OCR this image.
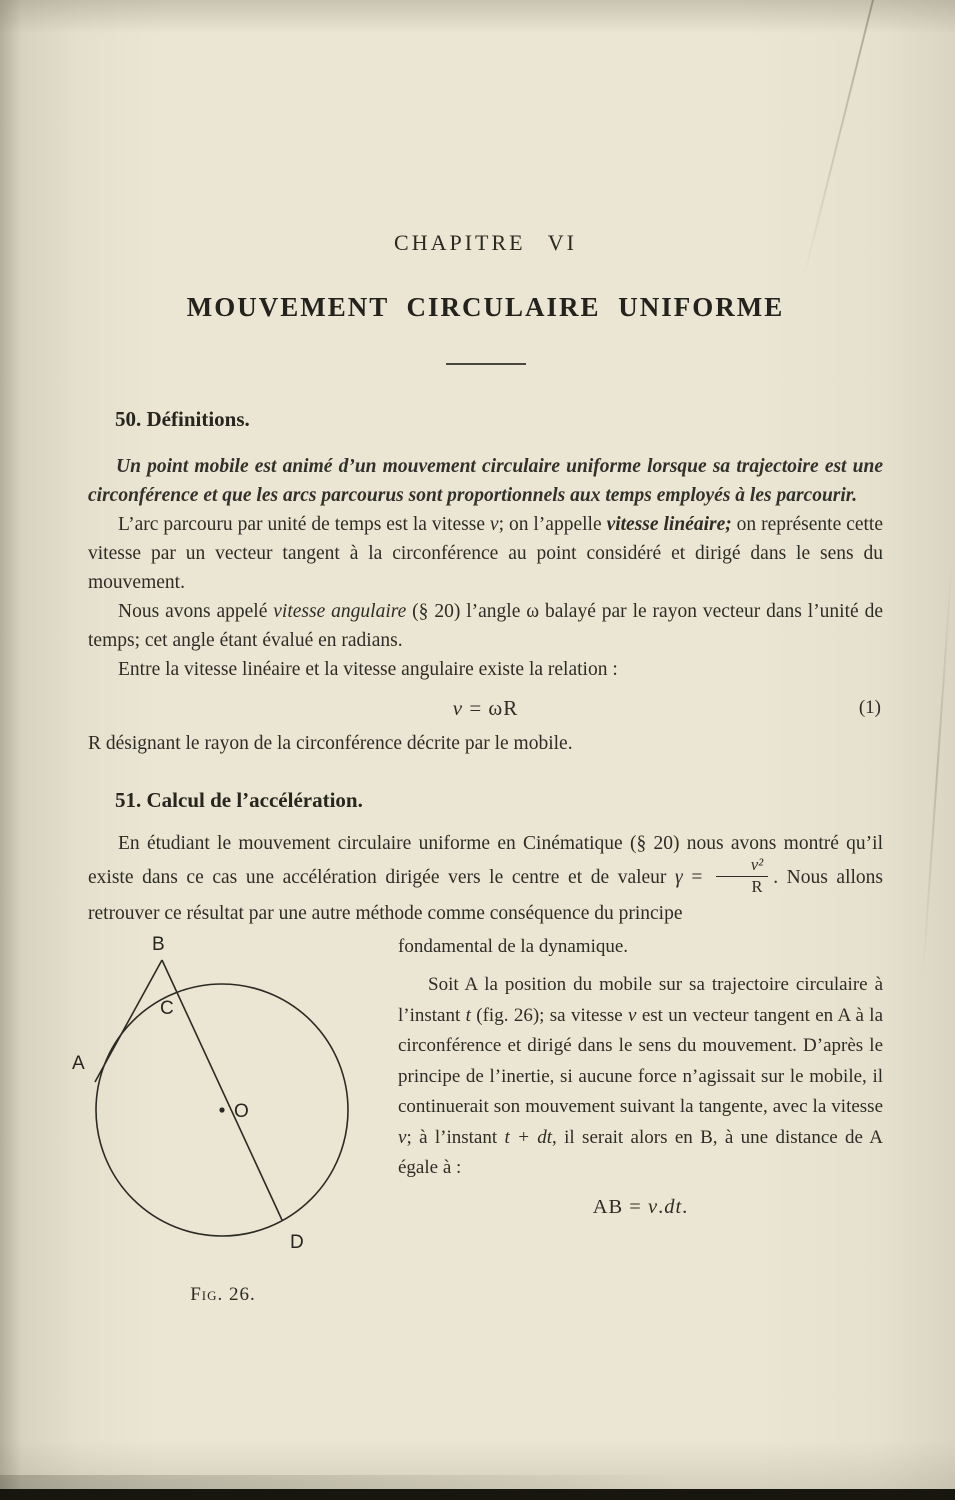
CHAPITRE VI
MOUVEMENT CIRCULAIRE UNIFORME
50. Définitions.

Un point mobile est animé d’un mouvement circulaire uniforme lorsque sa trajectoire est une circonférence et que les arcs parcourus sont proportionnels aux temps employés à les parcourir.

L’arc parcouru par unité de temps est la vitesse v; on l’appelle vitesse linéaire; on représente cette vitesse par un vecteur tangent à la circonférence au point considéré et dirigé dans le sens du mouvement.

Nous avons appelé vitesse angulaire (§ 20) l’angle ω balayé par le rayon vecteur dans l’unité de temps; cet angle étant évalué en radians.

Entre la vitesse linéaire et la vitesse angulaire existe la relation :

v = ωR	(1)

R désignant le rayon de la circonférence décrite par le mobile.

51. Calcul de l’accélération.

En étudiant le mouvement circulaire uniforme en Cinématique (§ 20) nous avons montré qu’il existe dans ce cas une accélération dirigée vers le centre et de valeur $\gamma = \frac{\text{v²}}{R}$ . Nous allons retrouver ce résultat par une autre méthode comme conséquence du principe

B
C
A
O
D
Fig. 26.

fondamental de la dynamique.

Soit A la position du mobile sur sa trajectoire circulaire à l’instant t (fig. 26); sa vitesse v est un vecteur tangent en A à la circonférence et dirigé dans le sens du mouvement. D’après le principe de l’inertie, si aucune force n’agissait sur le mobile, il continuerait son mouvement suivant la tangente, avec la vitesse v; à l’instant t + dt, il serait alors en B, à une distance de A égale à :

AB = v.dt.
